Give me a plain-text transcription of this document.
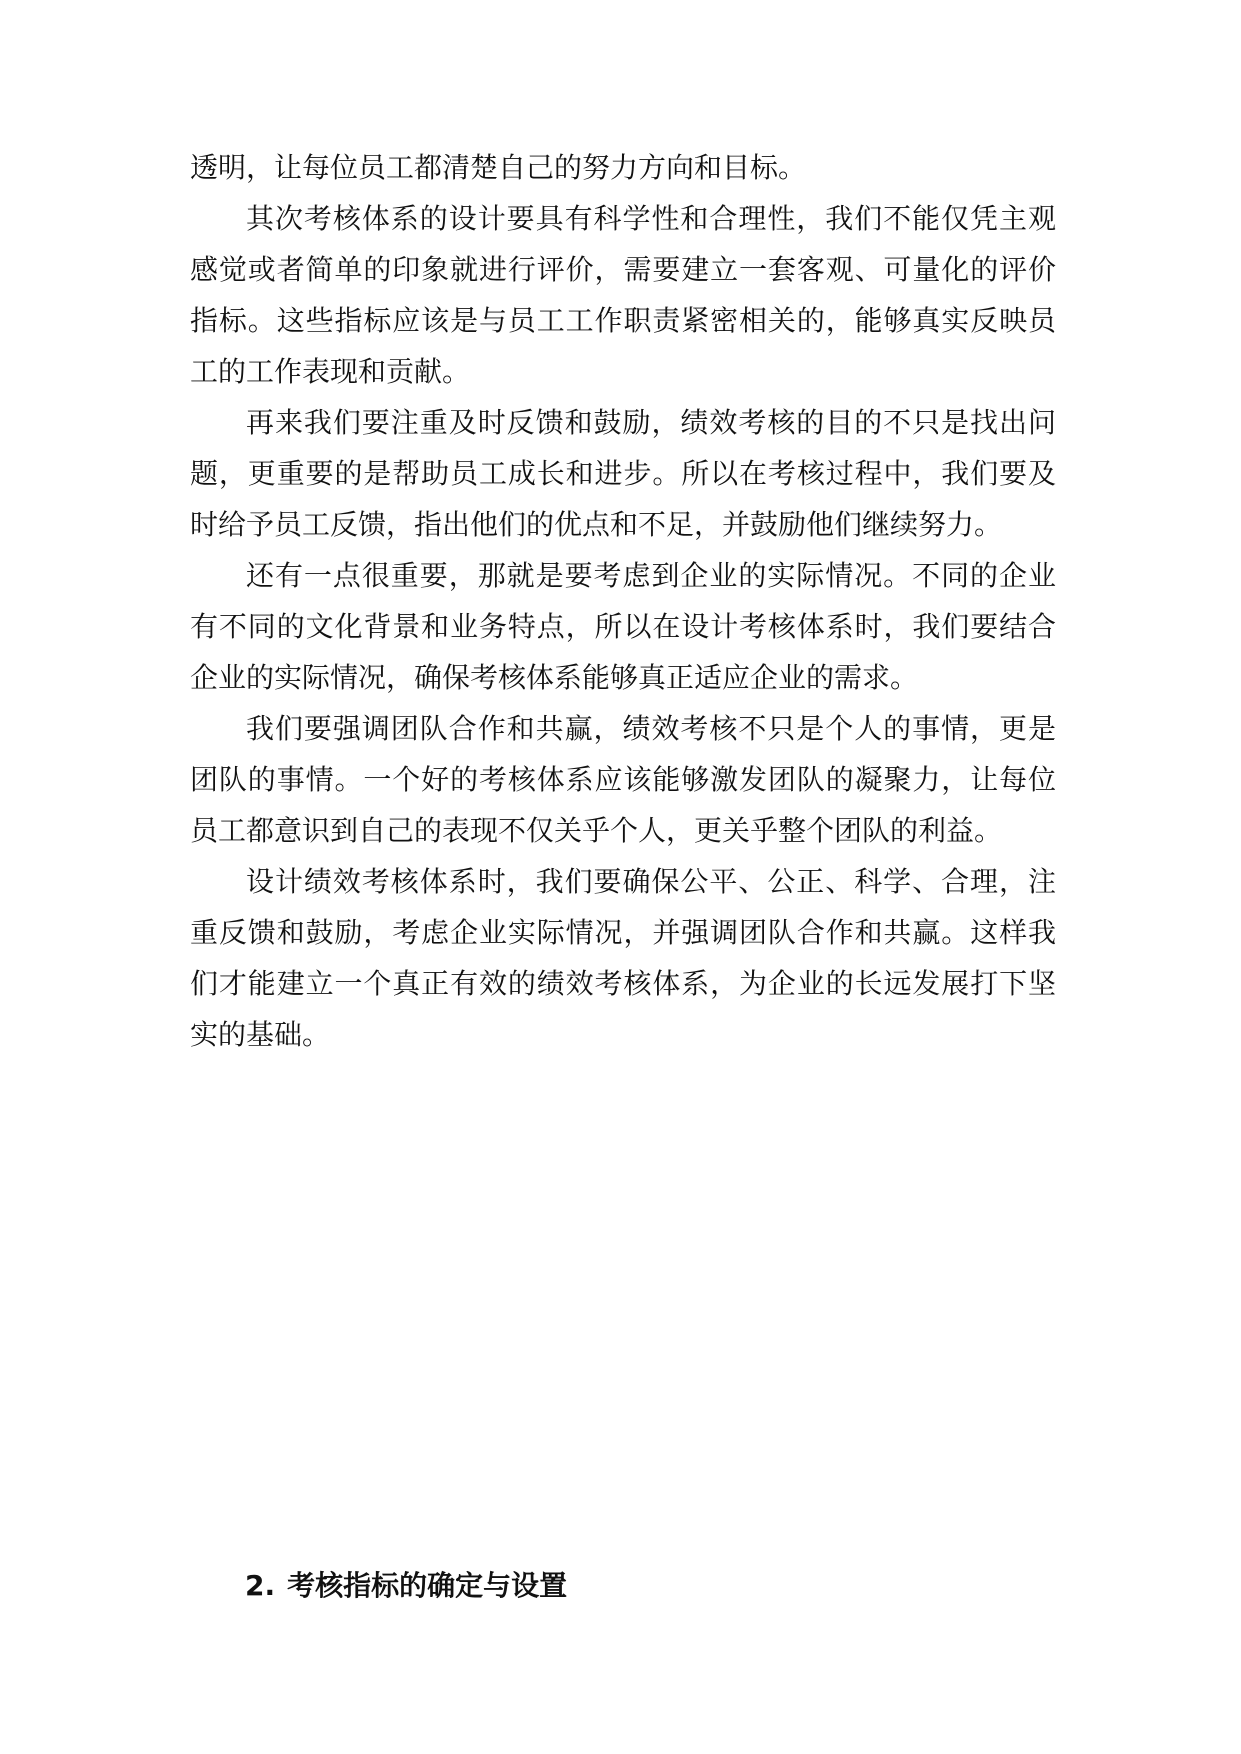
透明，让每位员工都清楚自己的努力方向和目标。

其次考核体系的设计要具有科学性和合理性，我们不能仅凭主观感觉或者简单的印象就进行评价，需要建立一套客观、可量化的评价指标。这些指标应该是与员工工作职责紧密相关的，能够真实反映员工的工作表现和贡献。

再来我们要注重及时反馈和鼓励，绩效考核的目的不只是找出问题，更重要的是帮助员工成长和进步。所以在考核过程中，我们要及时给予员工反馈，指出他们的优点和不足，并鼓励他们继续努力。

还有一点很重要，那就是要考虑到企业的实际情况。不同的企业有不同的文化背景和业务特点，所以在设计考核体系时，我们要结合企业的实际情况，确保考核体系能够真正适应企业的需求。

我们要强调团队合作和共赢，绩效考核不只是个人的事情，更是团队的事情。一个好的考核体系应该能够激发团队的凝聚力，让每位员工都意识到自己的表现不仅关乎个人，更关乎整个团队的利益。

设计绩效考核体系时，我们要确保公平、公正、科学、合理，注重反馈和鼓励，考虑企业实际情况，并强调团队合作和共赢。这样我们才能建立一个真正有效的绩效考核体系，为企业的长远发展打下坚实的基础。

2. 考核指标的确定与设置
